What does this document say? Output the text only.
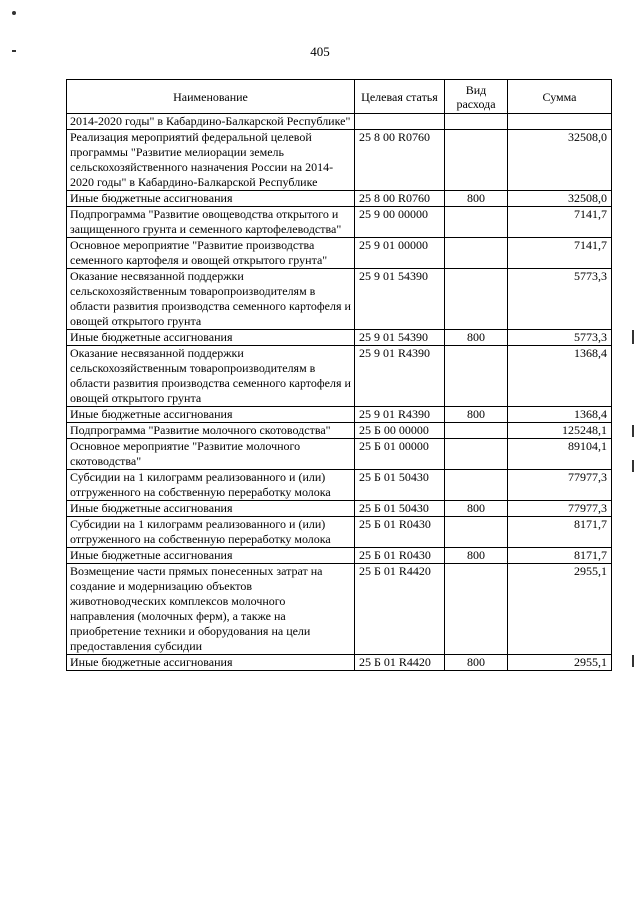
405
Наименование	Целевая статья	Вид расхода	Сумма
2014-2020 годы" в Кабардино-Балкарской Республике"			
Реализация мероприятий федеральной целевой программы "Развитие мелиорации земель сельскохозяйственного назначения России на 2014-2020 годы" в Кабардино-Балкарской Республике	25 8 00 R0760		32508,0
Иные бюджетные ассигнования	25 8 00 R0760	800	32508,0
Подпрограмма "Развитие овощеводства открытого и защищенного грунта и семенного картофелеводства"	25 9 00 00000		7141,7
Основное мероприятие "Развитие производства семенного картофеля и овощей открытого грунта"	25 9 01 00000		7141,7
Оказание несвязанной поддержки сельскохозяйственным товаропроизводителям в области развития производства семенного картофеля и овощей открытого грунта	25 9 01 54390		5773,3
Иные бюджетные ассигнования	25 9 01 54390	800	5773,3
Оказание несвязанной поддержки сельскохозяйственным товаропроизводителям в области развития производства семенного картофеля и овощей открытого грунта	25 9 01 R4390		1368,4
Иные бюджетные ассигнования	25 9 01 R4390	800	1368,4
Подпрограмма "Развитие молочного скотоводства"	25 Б 00 00000		125248,1
Основное мероприятие "Развитие молочного скотоводства"	25 Б 01 00000		89104,1
Субсидии на 1 килограмм реализованного и (или) отгруженного на собственную переработку молока	25 Б 01 50430		77977,3
Иные бюджетные ассигнования	25 Б 01 50430	800	77977,3
Субсидии на 1 килограмм реализованного и (или) отгруженного на собственную переработку молока	25 Б 01 R0430		8171,7
Иные бюджетные ассигнования	25 Б 01 R0430	800	8171,7
Возмещение части прямых понесенных затрат на создание и модернизацию объектов животноводческих комплексов молочного направления (молочных ферм), а также на приобретение техники и оборудования на цели предоставления субсидии	25 Б 01 R4420		2955,1
Иные бюджетные ассигнования	25 Б 01 R4420	800	2955,1
